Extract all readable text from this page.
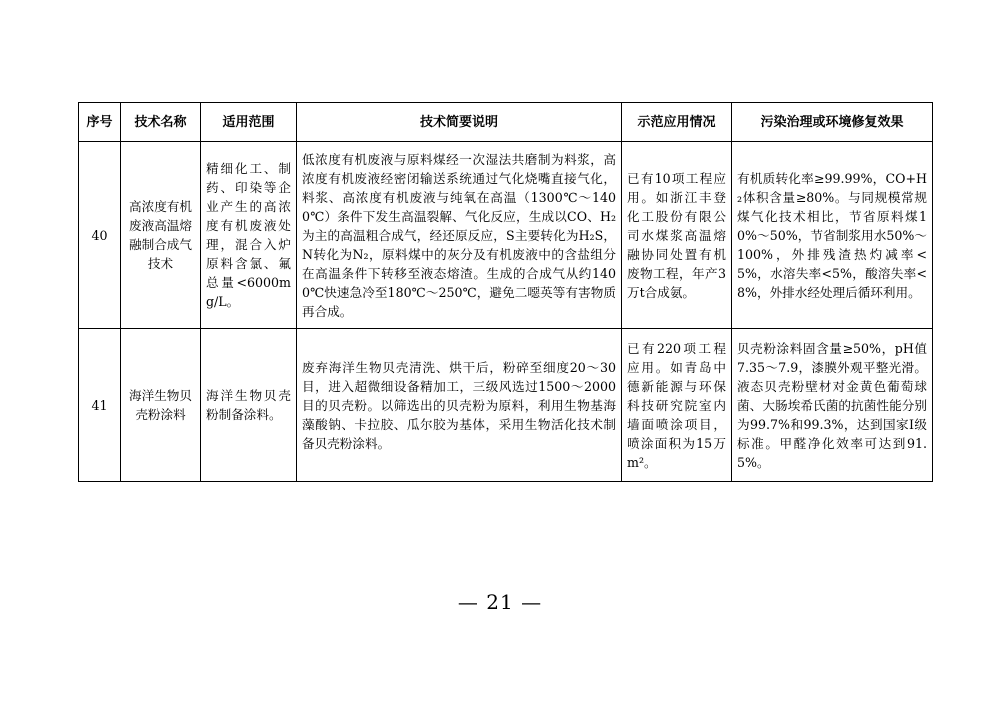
序号	技术名称	适用范围	技术简要说明	示范应用情况	污染治理或环境修复效果
40	高浓度有机废液高温熔融制合成气技术	精细化工、制药、印染等企业产生的高浓度有机废液处理，混合入炉原料含氯、氟总量<6000mg/L。	低浓度有机废液与原料煤经一次湿法共磨制为料浆，高浓度有机废液经密闭输送系统通过气化烧嘴直接气化，料浆、高浓度有机废液与纯氧在高温（1300℃～1400℃）条件下发生高温裂解、气化反应，生成以CO、H₂为主的高温粗合成气，经还原反应，S主要转化为H₂S，N转化为N₂，原料煤中的灰分及有机废液中的含盐组分在高温条件下转移至液态熔渣。生成的合成气从约1400℃快速急冷至180℃～250℃，避免二噁英等有害物质再合成。	已有10项工程应用。如浙江丰登化工股份有限公司水煤浆高温熔融协同处置有机废物工程，年产3万t合成氨。	有机质转化率≥99.99%，CO+H₂体积含量≥80%。与同规模常规煤气化技术相比，节省原料煤10%～50%，节省制浆用水50%～100%，外排残渣热灼减率<5%，水溶失率<5%，酸溶失率<8%，外排水经处理后循环利用。
41	海洋生物贝壳粉涂料	海洋生物贝壳粉制备涂料。	废弃海洋生物贝壳清洗、烘干后，粉碎至细度20～30目，进入超微细设备精加工，三级风选过1500～2000目的贝壳粉。以筛选出的贝壳粉为原料，利用生物基海藻酸钠、卡拉胶、瓜尔胶为基体，采用生物活化技术制备贝壳粉涂料。	已有220项工程应用。如青岛中德新能源与环保科技研究院室内墙面喷涂项目，喷涂面积为15万m²。	贝壳粉涂料固含量≥50%，pH值7.35～7.9，漆膜外观平整光滑。液态贝壳粉壁材对金黄色葡萄球菌、大肠埃希氏菌的抗菌性能分别为99.7%和99.3%，达到国家I级标准。甲醛净化效率可达到91.5%。
— 21 —
